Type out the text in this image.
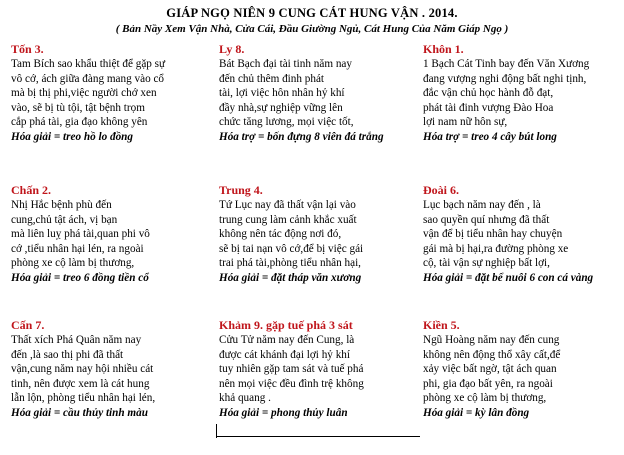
GIÁP NGỌ NIÊN 9 CUNG CÁT HUNG VẬN . 2014.
( Bản Nầy Xem Vận Nhà, Cửa Cái, Đầu Giường Ngủ, Cát Hung Của Năm Giáp Ngọ )
Tốn 3.
Tam Bích sao khẩu thiệt để gặp sự
vô cớ, ách giữa đàng mang vào cổ
mà bị thị phi,việc người chớ xen
vào, sẽ bị tù tội, tật bệnh trọm
cắp phá tài, gia đạo không yên
Hóa giải = treo hồ lo đồng
Ly 8.
Bát Bạch đại tài tinh năm nay
đến chủ thêm đinh phát
tài, lợi việc hôn nhân hỷ khí
đầy nhà,sự nghiệp vững lên
chức tăng lương, mọi việc tốt,
Hóa trợ = bốn đựng 8 viên đá trắng
Khôn 1.
1 Bạch Cát Tinh bay đến Văn Xương
đang vượng nghi động bất nghi tịnh,
đắc vận chủ học hành đỗ đạt,
phát tài đinh vượng Đào Hoa
lợi nam nữ hôn sự,
Hóa trợ = treo 4 cây bút long
Chấn 2.
Nhị Hắc bệnh phù đến
cung,chủ tật ách, vị bạn
mà liên luỵ phá tài,quan phi vô
cớ ,tiểu nhân hại lén, ra ngoài
phòng xe cộ làm bị thương,
Hóa giải = treo 6 đồng tiền cổ
Trung 4.
Tứ Lục nay đã thất vận lại vào
trung cung làm cảnh khắc xuất
không nên tác động nơi đó,
sẽ bị tai nạn vô cớ,để bị việc gái
trai phá tài,phòng tiểu nhân hại,
Hóa giải = đặt tháp văn xương
Đoài 6.
Lục bạch năm nay đến , là
sao quyền quí nhưng đã thất
vận để bị tiểu nhân hay chuyện
gái mà bị hại,ra đường phòng xe
cộ, tài vận sự nghiệp bất lợi,
Hóa giải = đặt bể nuôi 6 con cá vàng
Cấn 7.
Thất xích Phá Quân năm nay
đến ,là sao thị phi đã thất
vận,cung năm nay hội nhiều cát
tinh, nên được xem là cát hung
lẫn lộn, phòng tiểu nhân hại lén,
Hóa giải = cầu thủy tinh màu
Khảm 9. gặp tuế phá 3 sát
Cửu Tử năm nay đến Cung, là
được cát khánh đại lợi hỷ khí
tuy nhiên gặp tam sát và tuế phá
nên mọi việc đều đình trệ không
khả quang .
Hóa giải = phong thủy luân
Kiền 5.
Ngũ Hoàng năm nay đến cung
không nên động thổ xây cất,để
xảy việc bất ngờ, tật ách quan
phi, gia đạo bất yên, ra ngoài
phòng xe cộ làm bị thương,
Hóa giải = kỳ lân đồng
